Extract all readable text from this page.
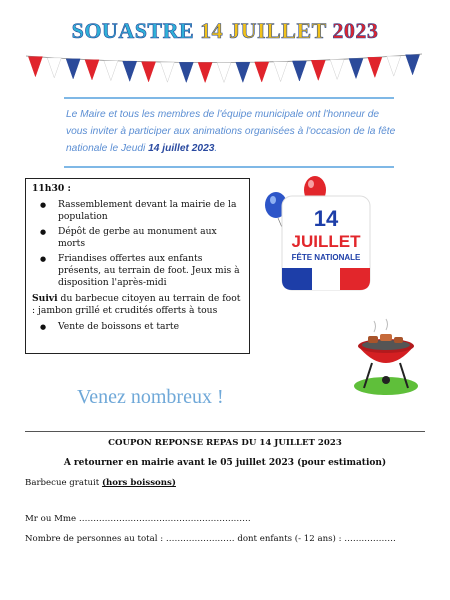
SOUASTRE 14 JUILLET 2023
Le Maire et tous les membres de l'équipe municipale ont l'honneur de vous inviter à participer aux animations organisées à l'occasion de la fête nationale le Jeudi 14 juillet 2023.
11h30 :
● Rassemblement devant la mairie de la population
● Dépôt de gerbe au monument aux morts
● Friandises offertes aux enfants présents, au terrain de foot. Jeux mis à disposition l'après-midi
Suivi du barbecue citoyen au terrain de foot : jambon grillé et crudités offerts à tous
● Vente de boissons et tarte
14
JUILLET
FÊTE NATIONALE
Venez nombreux !
COUPON REPONSE REPAS DU 14 JUILLET 2023
A retourner en mairie avant le 05 juillet 2023 (pour estimation)
Barbecue gratuit (hors boissons)
Mr ou Mme ……………………………………………………
Nombre de personnes au total : …………………… dont enfants (- 12 ans) : ………………
